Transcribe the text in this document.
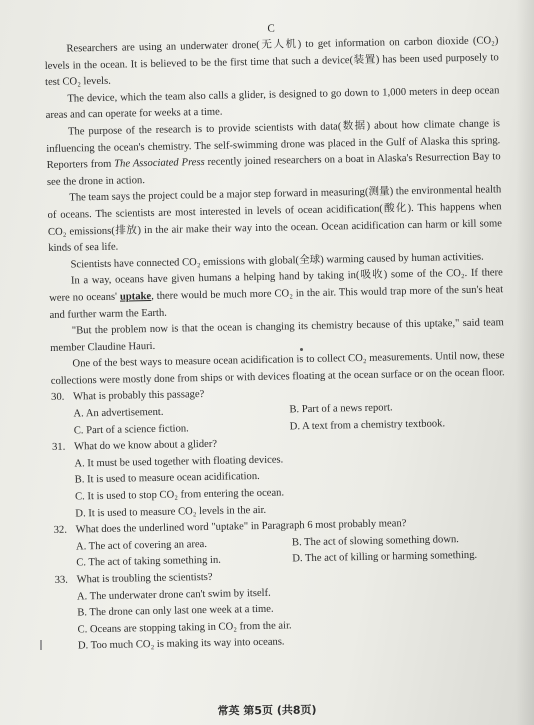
C

Researchers are using an underwater drone(无人机) to get information on carbon dioxide (CO₂) levels in the ocean. It is believed to be the first time that such a device(装置) has been used purposely to test CO₂ levels.

The device, which the team also calls a glider, is designed to go down to 1,000 meters in deep ocean areas and can operate for weeks at a time.

The purpose of the research is to provide scientists with data(数据) about how climate change is influencing the ocean's chemistry. The self-swimming drone was placed in the Gulf of Alaska this spring. Reporters from The Associated Press recently joined researchers on a boat in Alaska's Resurrection Bay to see the drone in action.

The team says the project could be a major step forward in measuring(测量) the environmental health of oceans. The scientists are most interested in levels of ocean acidification(酸化). This happens when CO₂ emissions(排放) in the air make their way into the ocean. Ocean acidification can harm or kill some kinds of sea life.

Scientists have connected CO₂ emissions with global(全球) warming caused by human activities.

In a way, oceans have given humans a helping hand by taking in(吸收) some of the CO₂. If there were no oceans' uptake, there would be much more CO₂ in the air. This would trap more of the sun's heat and further warm the Earth.

"But the problem now is that the ocean is changing its chemistry because of this uptake," said team member Claudine Hauri.

One of the best ways to measure ocean acidification is to collect CO₂ measurements. Until now, these collections were mostly done from ships or with devices floating at the ocean surface or on the ocean floor.

30. What is probably this passage?
A. An advertisement.	B. Part of a news report.
C. Part of a science fiction.	D. A text from a chemistry textbook.
31. What do we know about a glider?
A. It must be used together with floating devices.
B. It is used to measure ocean acidification.
C. It is used to stop CO₂ from entering the ocean.
D. It is used to measure CO₂ levels in the air.
32. What does the underlined word "uptake" in Paragraph 6 most probably mean?
A. The act of covering an area.	B. The act of slowing something down.
C. The act of taking something in.	D. The act of killing or harming something.
33. What is troubling the scientists?
A. The underwater drone can't swim by itself.
B. The drone can only last one week at a time.
C. Oceans are stopping taking in CO₂ from the air.
D. Too much CO₂ is making its way into oceans.
常英 第5页 (共8页)
